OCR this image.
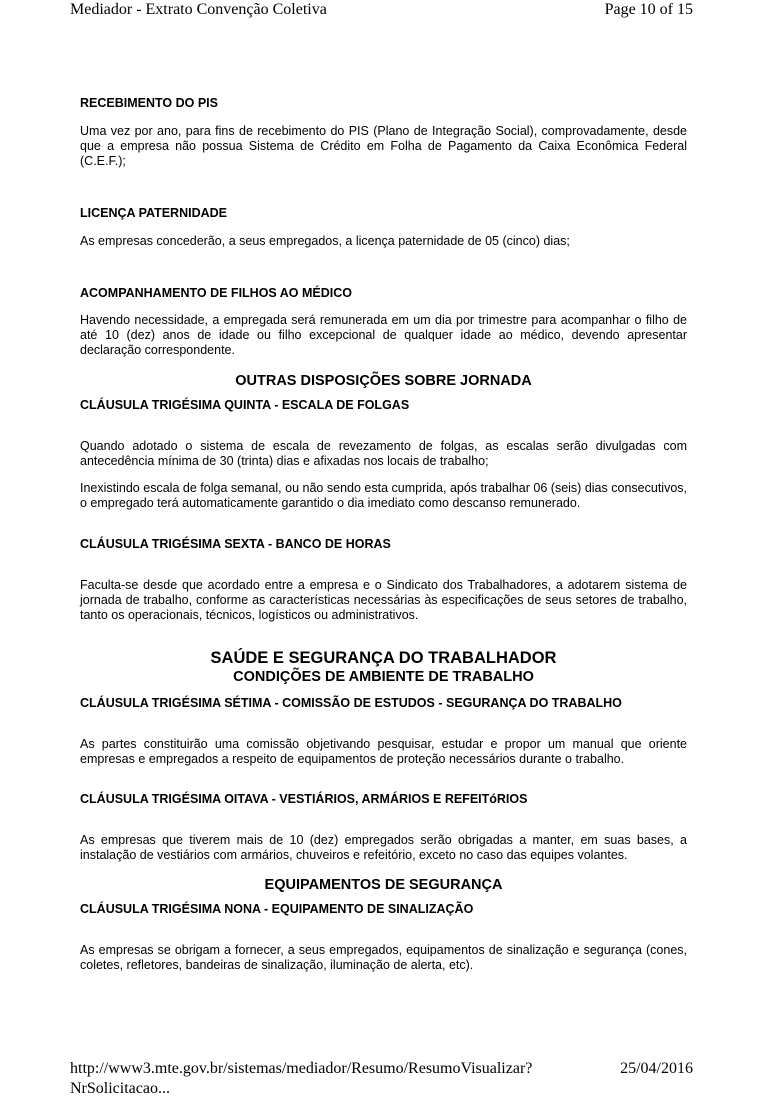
Mediador - Extrato Convenção Coletiva	Page 10 of 15

RECEBIMENTO DO PIS

Uma vez por ano, para fins de recebimento do PIS (Plano de Integração Social), comprovadamente, desde que a empresa não possua Sistema de Crédito em Folha de Pagamento da Caixa Econômica Federal (C.E.F.);

LICENÇA PATERNIDADE

As empresas concederão, a seus empregados, a licença paternidade de 05 (cinco) dias;

ACOMPANHAMENTO DE FILHOS AO MÉDICO

Havendo necessidade, a empregada será remunerada em um dia por trimestre para acompanhar o filho de até 10 (dez) anos de idade ou filho excepcional de qualquer idade ao médico, devendo apresentar declaração correspondente.

OUTRAS DISPOSIÇÕES SOBRE JORNADA

CLÁUSULA TRIGÉSIMA QUINTA - ESCALA DE FOLGAS

Quando adotado o sistema de escala de revezamento de folgas, as escalas serão divulgadas com antecedência mínima de 30 (trinta) dias e afixadas nos locais de trabalho;

Inexistindo escala de folga semanal, ou não sendo esta cumprida, após trabalhar 06 (seis) dias consecutivos, o empregado terá automaticamente garantido o dia imediato como descanso remunerado.

CLÁUSULA TRIGÉSIMA SEXTA - BANCO DE HORAS

Faculta-se desde que acordado entre a empresa e o Sindicato dos Trabalhadores, a adotarem sistema de jornada de trabalho, conforme as características necessárias às especificações de seus setores de trabalho, tanto os operacionais, técnicos, logísticos ou administrativos.

SAÚDE E SEGURANÇA DO TRABALHADOR

CONDIÇÕES DE AMBIENTE DE TRABALHO

CLÁUSULA TRIGÉSIMA SÉTIMA - COMISSÃO DE ESTUDOS - SEGURANÇA DO TRABALHO

As partes constituirão uma comissão objetivando pesquisar, estudar e propor um manual que oriente empresas e empregados a respeito de equipamentos de proteção necessários durante o trabalho.

CLÁUSULA TRIGÉSIMA OITAVA - VESTIÁRIOS, ARMÁRIOS E REFEITóRIOS

As empresas que tiverem mais de 10 (dez) empregados serão obrigadas a manter, em suas bases, a instalação de vestiários com armários, chuveiros e refeitório, exceto no caso das equipes volantes.

EQUIPAMENTOS DE SEGURANÇA

CLÁUSULA TRIGÉSIMA NONA - EQUIPAMENTO DE SINALIZAÇÃO

As empresas se obrigam a fornecer, a seus empregados, equipamentos de sinalização e segurança (cones, coletes, refletores, bandeiras de sinalização, iluminação de alerta, etc).

http://www3.mte.gov.br/sistemas/mediador/Resumo/ResumoVisualizar?NrSolicitacao...
25/04/2016
